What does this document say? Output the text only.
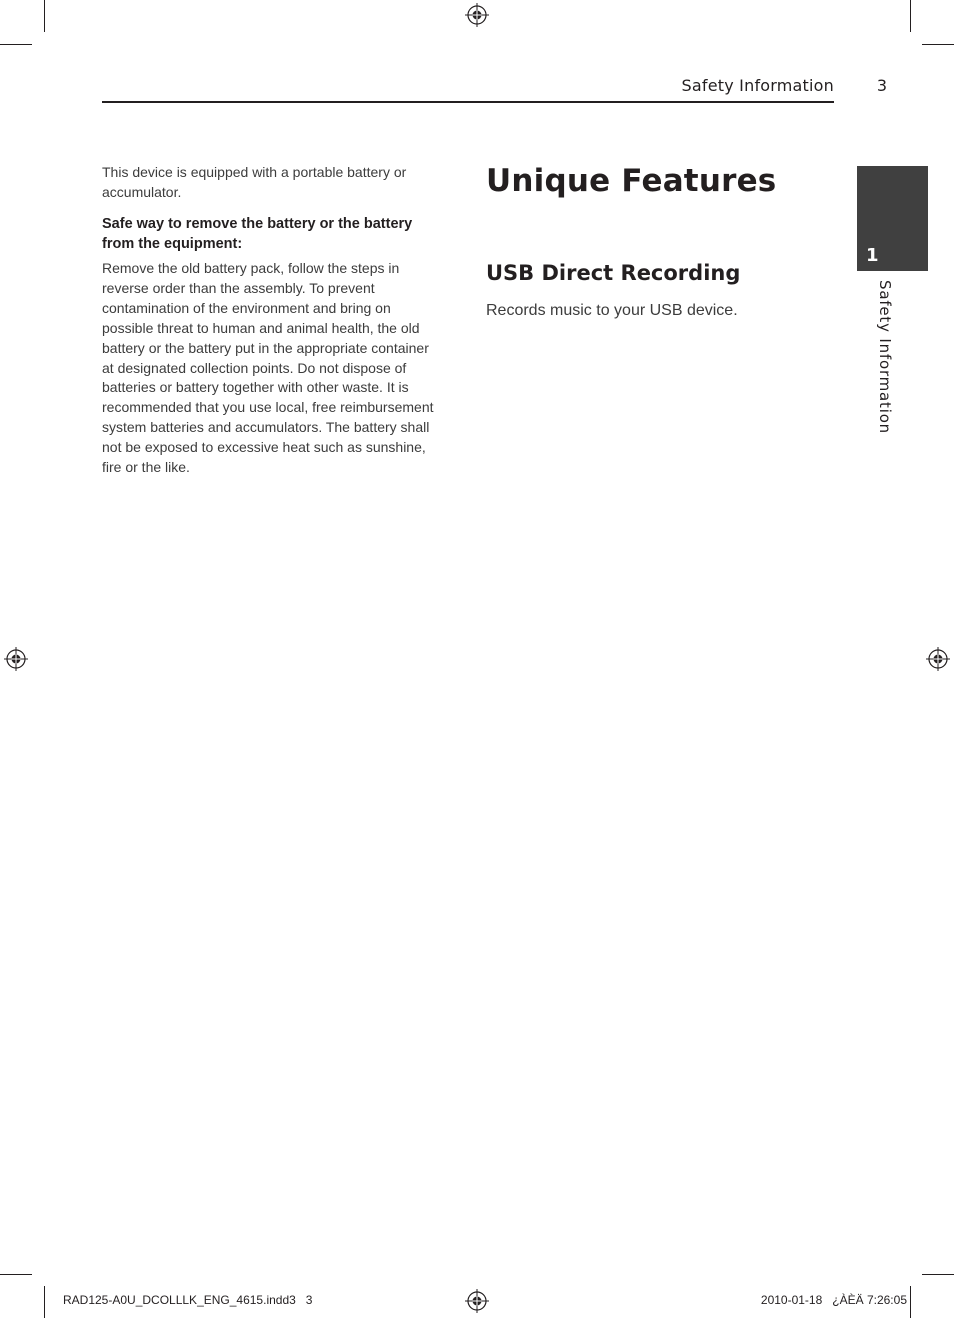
Safety Information	3
1
Safety Information

This device is equipped with a portable battery or accumulator.

Safe way to remove the battery or the battery from the equipment:

Remove the old battery pack, follow the steps in reverse order than the assembly. To prevent contamination of the environment and bring on possible threat to human and animal health, the old battery or the battery put in the appropriate container at designated collection points. Do not dispose of batteries or battery together with other waste. It is recommended that you use local, free reimbursement system batteries and accumulators. The battery shall not be exposed to excessive heat such as sunshine, fire or the like.

Unique Features
USB Direct Recording

Records music to your USB device.

RAD125-A0U_DCOLLLK_ENG_4615.indd3   3	2010-01-18   ¿ÀÈÄ 7:26:05
